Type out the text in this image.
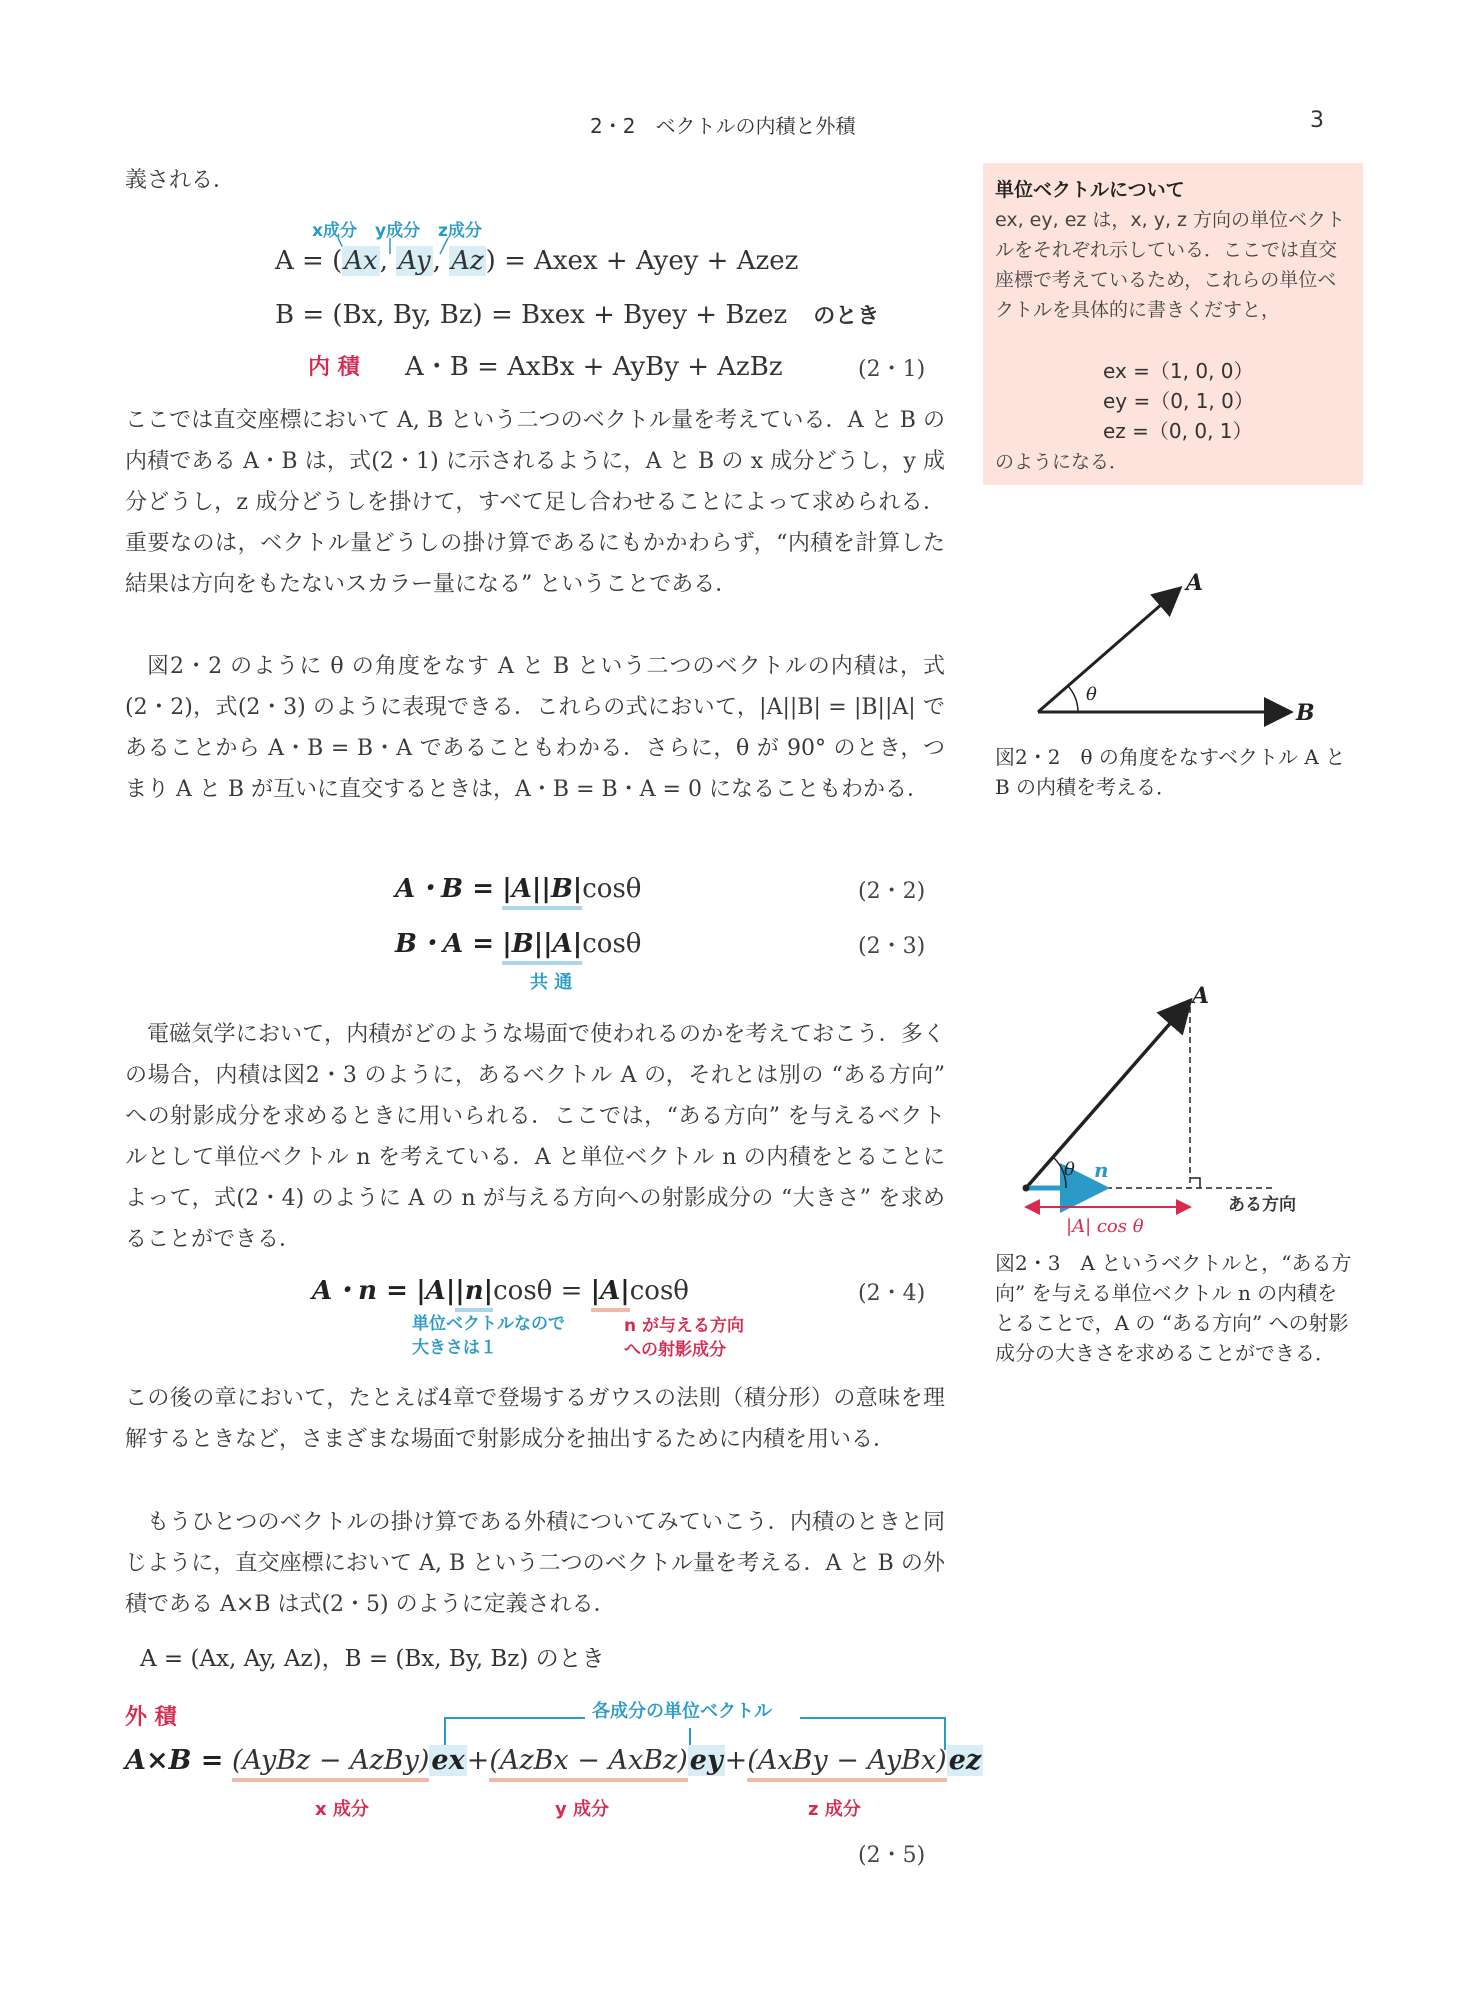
2・2　ベクトルの内積と外積	3
義される．
x成分 y成分 z成分
A = (Ax, Ay, Az) = Axex + Ayey + Azez
B = (Bx, By, Bz) = Bxex + Byey + Bzez　 のとき
内 積 A・B = AxBx + AyBy + AzBz	(2・1)
ここでは直交座標において A, B という二つのベクトル量を考えている．A と B の内積である A・B は，式(2・1) に示されるように，A と B の x 成分どうし，y 成分どうし，z 成分どうしを掛けて，すべて足し合わせることによって求められる．重要なのは，ベクトル量どうしの掛け算であるにもかかわらず，“内積を計算した結果は方向をもたないスカラー量になる” ということである．
図2・2 のように θ の角度をなす A と B という二つのベクトルの内積は，式(2・2)，式(2・3) のように表現できる．これらの式において，|A||B| = |B||A| であることから A・B = B・A であることもわかる．さらに，θ が 90° のとき，つまり A と B が互いに直交するときは，A・B = B・A = 0 になることもわかる．
A・B = |A||B|cosθ	(2・2)
B・A = |B||A|cosθ	(2・3)
共 通
電磁気学において，内積がどのような場面で使われるのかを考えておこう．多くの場合，内積は図2・3 のように，あるベクトル A の，それとは別の “ある方向” への射影成分を求めるときに用いられる．ここでは，“ある方向” を与えるベクトルとして単位ベクトル n を考えている．A と単位ベクトル n の内積をとることによって，式(2・4) のように A の n が与える方向への射影成分の “大きさ” を求めることができる．
A・n = |A||n|cosθ = |A|cosθ	(2・4)
単位ベクトルなので
大きさは１
n が与える方向
への射影成分
この後の章において，たとえば4章で登場するガウスの法則（積分形）の意味を理解するときなど，さまざまな場面で射影成分を抽出するために内積を用いる．
もうひとつのベクトルの掛け算である外積についてみていこう．内積のときと同じように，直交座標において A, B という二つのベクトル量を考える．A と B の外積である A×B は式(2・5) のように定義される．
A = (Ax, Ay, Az)，B = (Bx, By, Bz) のとき
外 積	各成分の単位ベクトル
A×B = (AyBz − AzBy)ex+(AzBx − AxBz)ey+(AxBy − AyBx)ez
x 成分	y 成分	z 成分
(2・5)
単位ベクトルについて
ex, ey, ez は，x, y, z 方向の単位ベクトルをそれぞれ示している．ここでは直交座標で考えているため，これらの単位ベクトルを具体的に書きくだすと，
ex =（1, 0, 0）
ey =（0, 1, 0）
ez =（0, 0, 1）
のようになる．
A
B
θ
図2・2　θ の角度をなすベクトル A と B の内積を考える．
A
θ n
ある方向
|A| cos θ
図2・3　A というベクトルと，“ある方向” を与える単位ベクトル n の内積をとることで，A の “ある方向” への射影成分の大きさを求めることができる．
